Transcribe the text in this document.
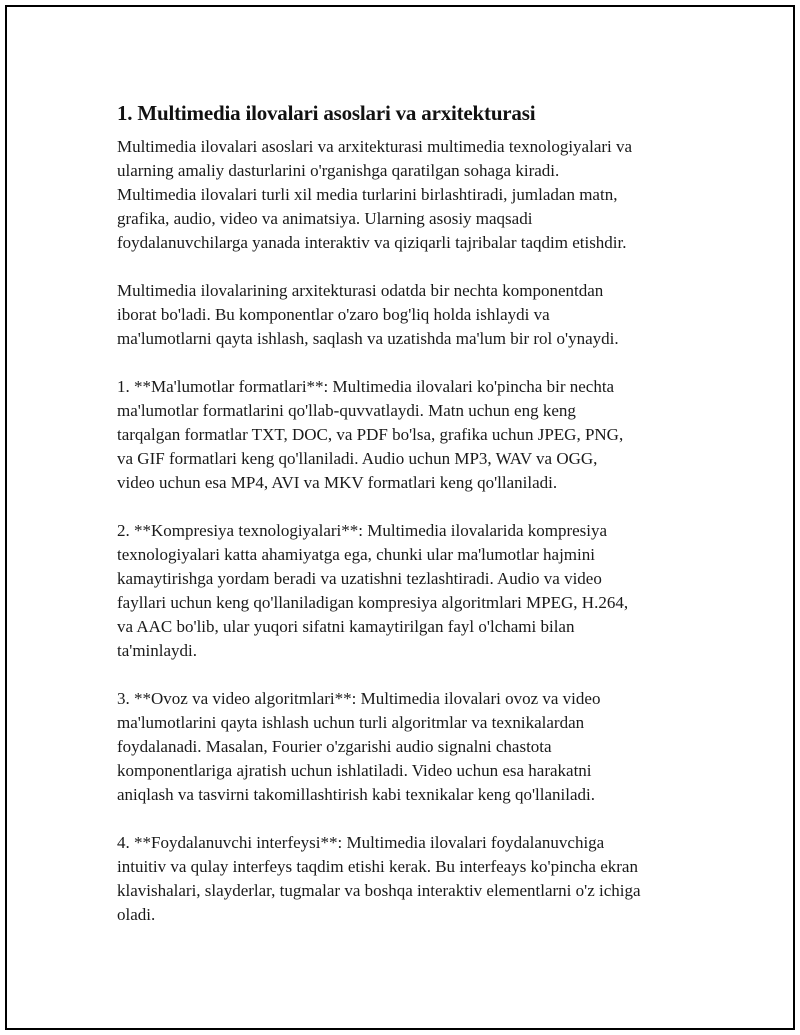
1. Multimedia ilovalari asoslari va arxitekturasi

Multimedia ilovalari asoslari va arxitekturasi multimedia texnologiyalari va
ularning amaliy dasturlarini o'rganishga qaratilgan sohaga kiradi.
Multimedia ilovalari turli xil media turlarini birlashtiradi, jumladan matn,
grafika, audio, video va animatsiya. Ularning asosiy maqsadi
foydalanuvchilarga yanada interaktiv va qiziqarli tajribalar taqdim etishdir.

Multimedia ilovalarining arxitekturasi odatda bir nechta komponentdan
iborat bo'ladi. Bu komponentlar o'zaro bog'liq holda ishlaydi va
ma'lumotlarni qayta ishlash, saqlash va uzatishda ma'lum bir rol o'ynaydi.

1. **Ma'lumotlar formatlari**: Multimedia ilovalari ko'pincha bir nechta
ma'lumotlar formatlarini qo'llab-quvvatlaydi. Matn uchun eng keng
tarqalgan formatlar TXT, DOC, va PDF bo'lsa, grafika uchun JPEG, PNG,
va GIF formatlari keng qo'llaniladi. Audio uchun MP3, WAV va OGG,
video uchun esa MP4, AVI va MKV formatlari keng qo'llaniladi.

2. **Kompresiya texnologiyalari**: Multimedia ilovalarida kompresiya
texnologiyalari katta ahamiyatga ega, chunki ular ma'lumotlar hajmini
kamaytirishga yordam beradi va uzatishni tezlashtiradi. Audio va video
fayllari uchun keng qo'llaniladigan kompresiya algoritmlari MPEG, H.264,
va AAC bo'lib, ular yuqori sifatni kamaytirilgan fayl o'lchami bilan
ta'minlaydi.

3. **Ovoz va video algoritmlari**: Multimedia ilovalari ovoz va video
ma'lumotlarini qayta ishlash uchun turli algoritmlar va texnikalardan
foydalanadi. Masalan, Fourier o'zgarishi audio signalni chastota
komponentlariga ajratish uchun ishlatiladi. Video uchun esa harakatni
aniqlash va tasvirni takomillashtirish kabi texnikalar keng qo'llaniladi.

4. **Foydalanuvchi interfeysi**: Multimedia ilovalari foydalanuvchiga
intuitiv va qulay interfeys taqdim etishi kerak. Bu interfeays ko'pincha ekran
klavishalari, slayderlar, tugmalar va boshqa interaktiv elementlarni o'z ichiga
oladi.
